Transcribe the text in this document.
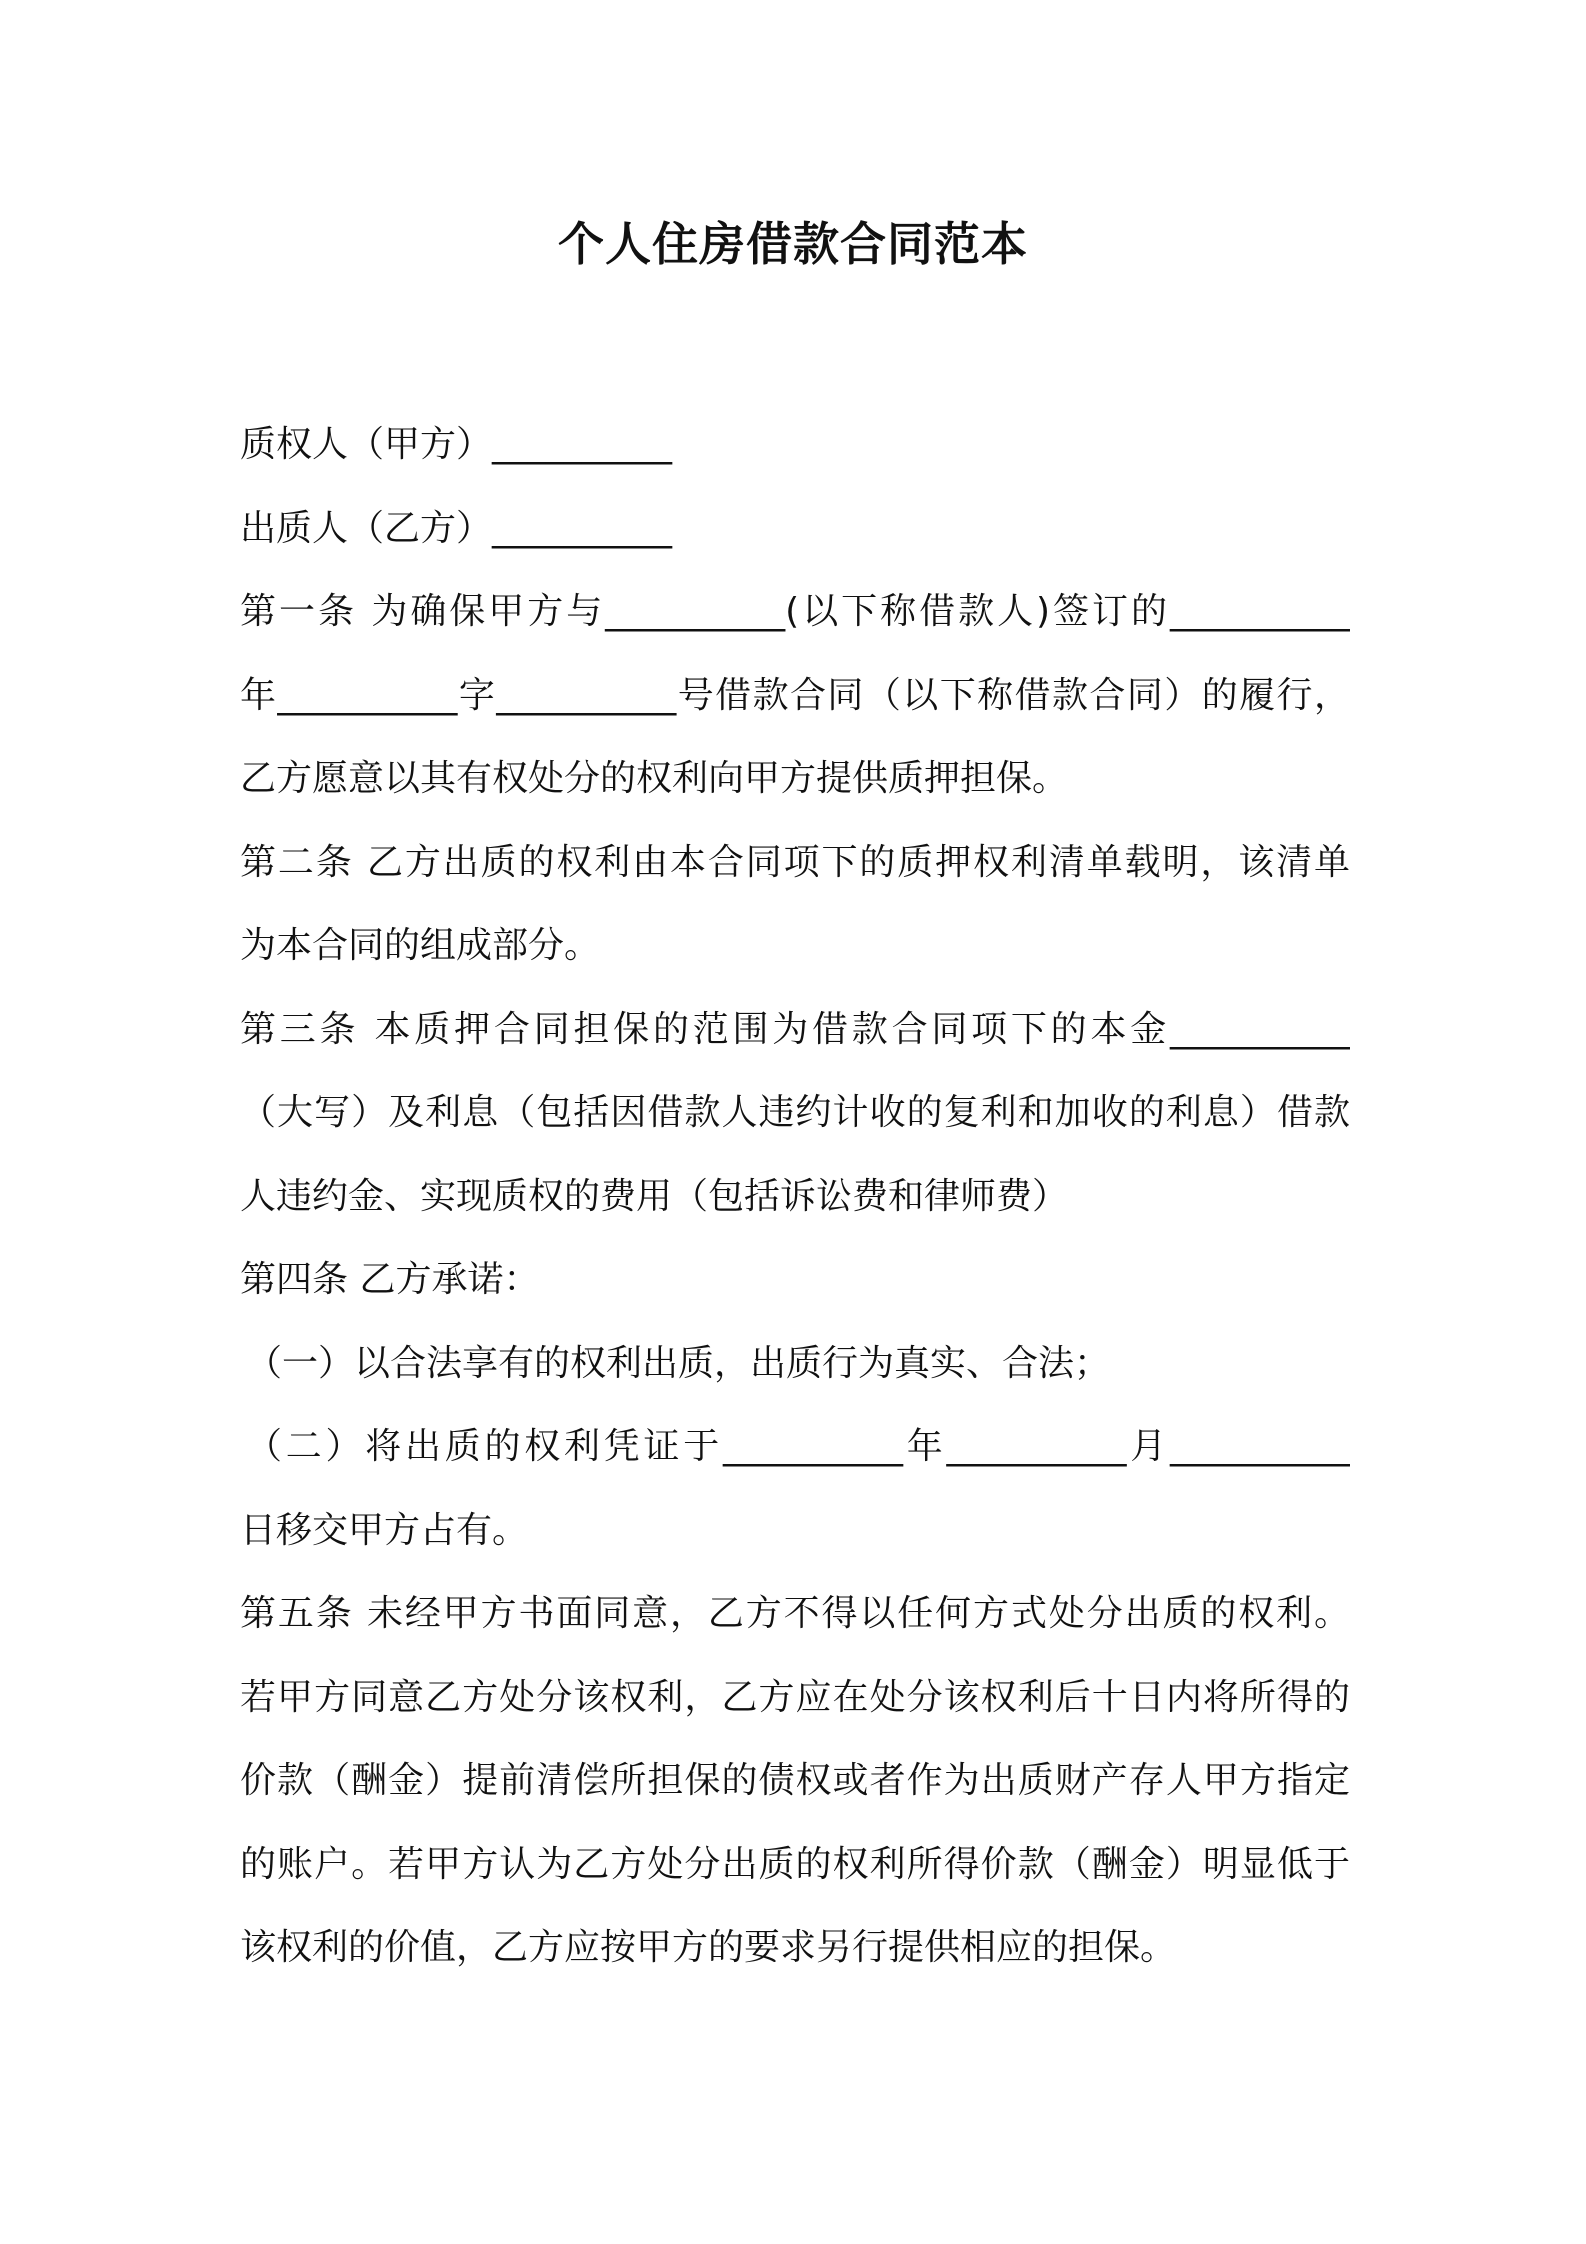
个人住房借款合同范本
质权人（甲方）__________
出质人（乙方）__________
第一条 为确保甲方与__________(以下称借款人)签订的__________
年__________字__________号借款合同（以下称借款合同）的履行，
乙方愿意以其有权处分的权利向甲方提供质押担保。
第二条 乙方出质的权利由本合同项下的质押权利清单载明，该清单
为本合同的组成部分。
第三条 本质押合同担保的范围为借款合同项下的本金__________
（大写）及利息（包括因借款人违约计收的复利和加收的利息）借款
人违约金、实现质权的费用（包括诉讼费和律师费）
第四条 乙方承诺：
（一）以合法享有的权利出质，出质行为真实、合法；
（二）将出质的权利凭证于__________年__________月__________
日移交甲方占有。
第五条 未经甲方书面同意，乙方不得以任何方式处分出质的权利。
若甲方同意乙方处分该权利，乙方应在处分该权利后十日内将所得的
价款（酬金）提前清偿所担保的债权或者作为出质财产存人甲方指定
的账户。若甲方认为乙方处分出质的权利所得价款（酬金）明显低于
该权利的价值，乙方应按甲方的要求另行提供相应的担保。
